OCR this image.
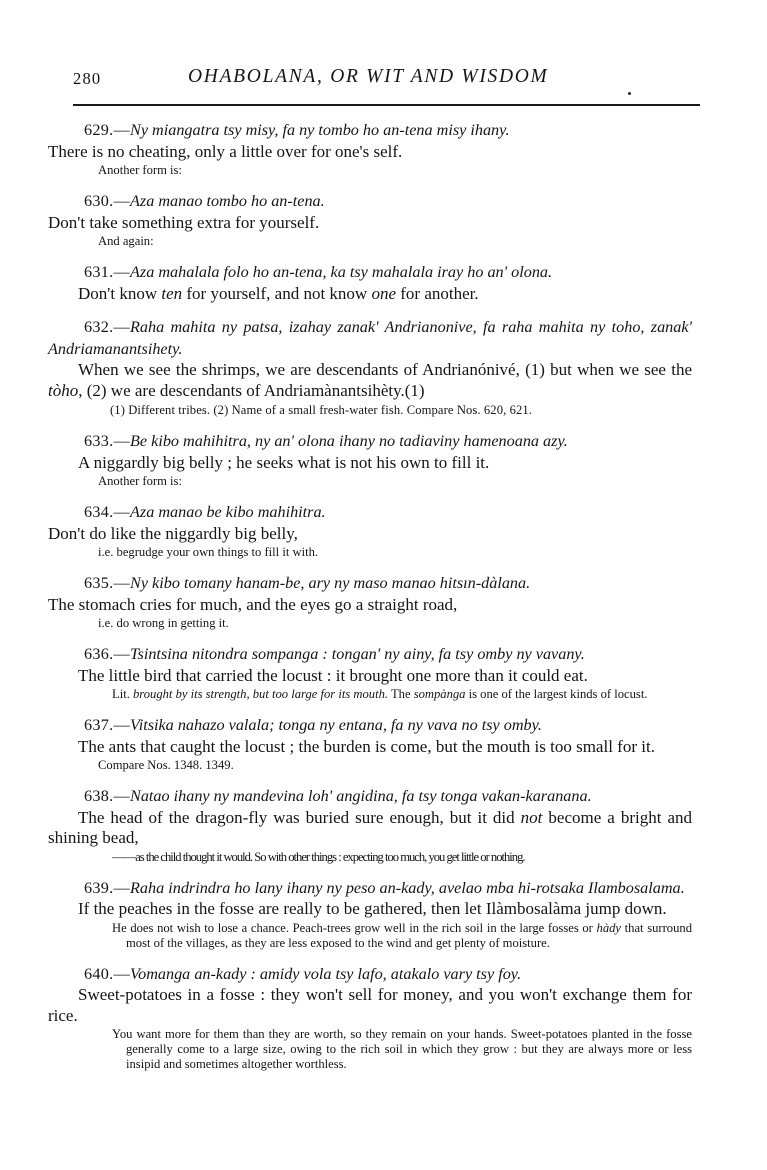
280	OHABOLANA, OR WIT AND WISDOM

629.—Ny miangatra tsy misy, fa ny tombo ho an-tena misy ihany.

There is no cheating, only a little over for one's self.

Another form is:

630.—Aza manao tombo ho an-tena.

Don't take something extra for yourself.

And again:

631.—Aza mahalala folo ho an-tena, ka tsy mahalala iray ho an' olona.

Don't know ten for yourself, and not know one for another.

632.—Raha mahita ny patsa, izahay zanak' Andrianonive, fa raha mahita ny toho, zanak' Andriamanantsihety.

When we see the shrimps, we are descendants of Andrianónivé, (1) but when we see the tòho, (2) we are descendants of Andriamànantsihèty.(1)

(1) Different tribes. (2) Name of a small fresh-water fish. Compare Nos. 620, 621.

633.—Be kibo mahihitra, ny an' olona ihany no tadiaviny hamenoana azy.

A niggardly big belly ; he seeks what is not his own to fill it.

Another form is:

634.—Aza manao be kibo mahihitra.

Don't do like the niggardly big belly,

i.e. begrudge your own things to fill it with.

635.—Ny kibo tomany hanam-be, ary ny maso manao hitsın-dàlana.

The stomach cries for much, and the eyes go a straight road,

i.e. do wrong in getting it.

636.—Tsintsina nitondra sompanga : tongan' ny ainy, fa tsy omby ny vavany.

The little bird that carried the locust : it brought one more than it could eat.

Lit. brought by its strength, but too large for its mouth. The sompànga is one of the largest kinds of locust.

637.—Vitsika nahazo valala; tonga ny entana, fa ny vava no tsy omby.

The ants that caught the locust ; the burden is come, but the mouth is too small for it.

Compare Nos. 1348. 1349.

638.—Natao ihany ny mandevina loh' angidina, fa tsy tonga vakan-karanana.

The head of the dragon-fly was buried sure enough, but it did not become a bright and shining bead,

——as the child thought it would. So with other things : expecting too much, you get little or nothing.

639.—Raha indrindra ho lany ihany ny peso an-kady, avelao mba hi-rotsaka Ilambosalama.

If the peaches in the fosse are really to be gathered, then let Ilàmbosalàma jump down.

He does not wish to lose a chance. Peach-trees grow well in the rich soil in the large fosses or hàdy that surround most of the villages, as they are less exposed to the wind and get plenty of moisture.

640.—Vomanga an-kady : amidy vola tsy lafo, atakalo vary tsy foy.

Sweet-potatoes in a fosse : they won't sell for money, and you won't exchange them for rice.

You want more for them than they are worth, so they remain on your hands. Sweet-potatoes planted in the fosse generally come to a large size, owing to the rich soil in which they grow : but they are always more or less insipid and sometimes altogether worthless.
